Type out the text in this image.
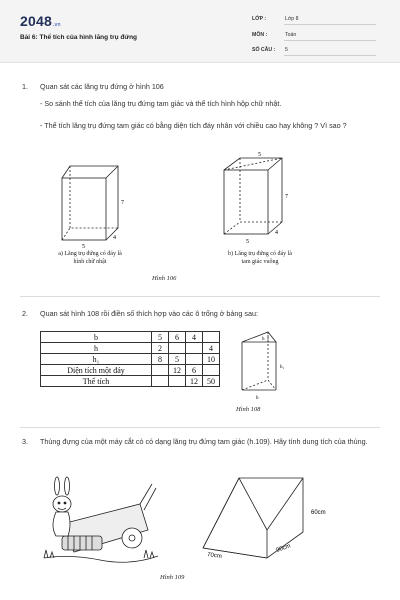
2048.vn
Bài 6: Thể tích của hình lăng trụ đứng
LỚP :	Lớp 8
MÔN :	Toán
SỐ CÂU : 5
1. Quan sát các lăng trụ đứng ở hình 106
- So sánh thể tích của lăng trụ đứng tam giác và thể tích hình hộp chữ nhật.
- Thể tích lăng trụ đứng tam giác có bằng diện tích đáy nhân với chiều cao hay không ? Vì sao ?
7
5
4
a) Lăng trụ đứng có đáy là
hình chữ nhật
5
7
5
4
b) Lăng trụ đứng có đáy là
tam giác vuông
Hình 106
2. Quan sát hình 108 rồi điền số thích hợp vào các ô trống ở bảng sau:
b	5	6	4	
h	2			4
h₁	8	5		10
Diện tích một đáy		12	6	
Thể tích			12	50
h
h₁
b
Hình 108
3. Thùng đựng của một máy cắt cỏ có dạng lăng trụ đứng tam giác (h.109). Hãy tính dung tích của thùng.
60cm
70cm
90cm
Hình 109
